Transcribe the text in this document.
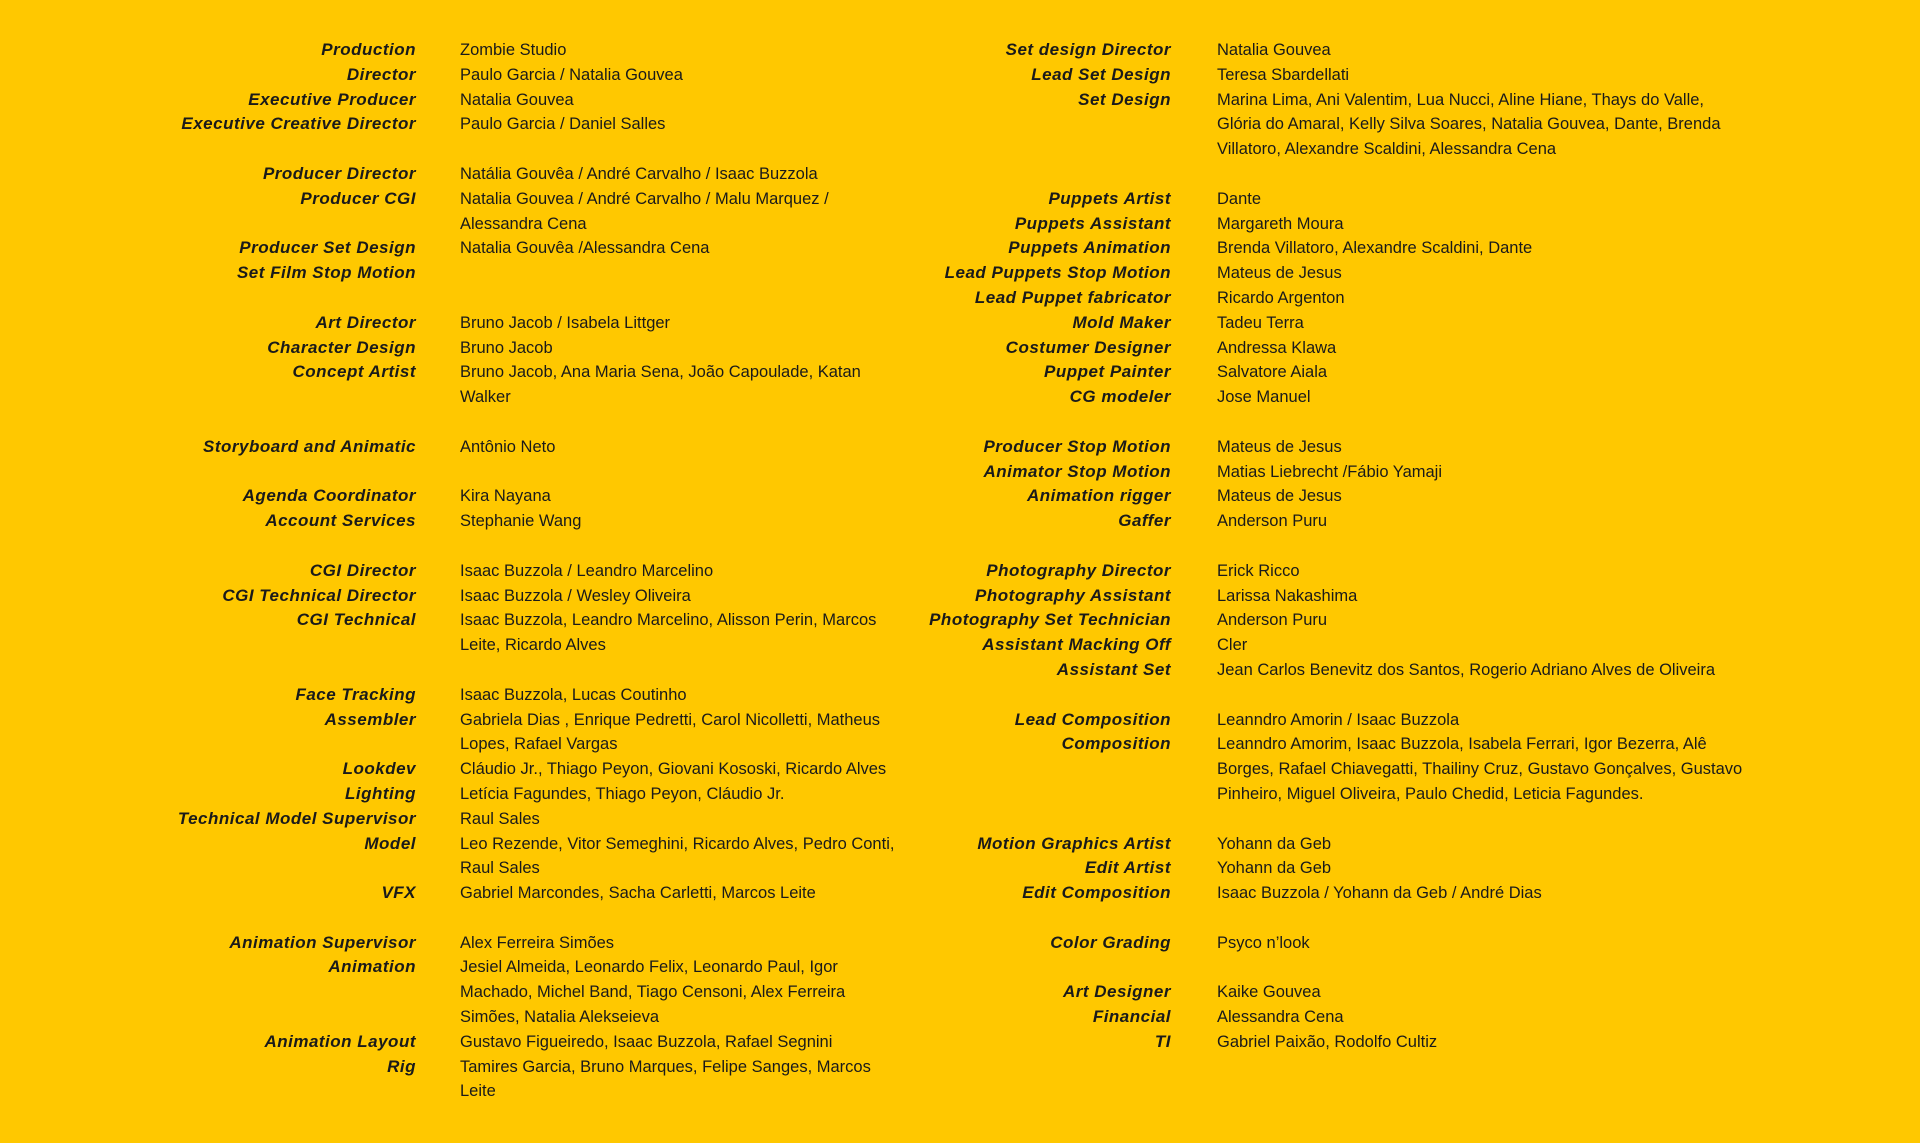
Production	Zombie Studio
Director	Paulo Garcia / Natalia Gouvea
Executive Producer	Natalia Gouvea
Executive Creative Director	Paulo Garcia / Daniel Salles
Producer Director	Natália Gouvêa / André Carvalho / Isaac Buzzola
Producer CGI	Natalia Gouvea / André Carvalho / Malu Marquez / Alessandra Cena
Producer Set Design	Natalia Gouvêa /Alessandra Cena
Set Film Stop Motion
Art Director	Bruno Jacob / Isabela Littger
Character Design	Bruno Jacob
Concept Artist	Bruno Jacob, Ana Maria Sena, João Capoulade, Katan Walker
Storyboard and Animatic	Antônio Neto
Agenda Coordinator	Kira Nayana
Account Services	Stephanie Wang
CGI Director	Isaac Buzzola / Leandro Marcelino
CGI Technical Director	Isaac Buzzola / Wesley Oliveira
CGI Technical	Isaac Buzzola, Leandro Marcelino, Alisson Perin, Marcos Leite, Ricardo Alves
Face Tracking	Isaac Buzzola, Lucas Coutinho
Assembler	Gabriela Dias , Enrique Pedretti, Carol Nicolletti, Matheus Lopes, Rafael Vargas
Lookdev	Cláudio Jr., Thiago Peyon, Giovani Kososki, Ricardo Alves
Lighting	Letícia Fagundes, Thiago Peyon, Cláudio Jr.
Technical Model Supervisor	Raul Sales
Model	Leo Rezende, Vitor Semeghini, Ricardo Alves, Pedro Conti, Raul Sales
VFX	Gabriel Marcondes, Sacha Carletti, Marcos Leite
Animation Supervisor	Alex Ferreira Simões
Animation	Jesiel Almeida, Leonardo Felix, Leonardo Paul, Igor Machado, Michel Band, Tiago Censoni, Alex Ferreira Simões, Natalia Alekseieva
Animation Layout	Gustavo Figueiredo, Isaac Buzzola, Rafael Segnini
Rig	Tamires Garcia, Bruno Marques, Felipe Sanges, Marcos Leite
Set design Director	Natalia Gouvea
Lead Set Design	Teresa Sbardellati
Set Design	Marina Lima, Ani Valentim, Lua Nucci, Aline Hiane, Thays do Valle, Glória do Amaral, Kelly Silva Soares, Natalia Gouvea, Dante, Brenda Villatoro, Alexandre Scaldini, Alessandra Cena
Puppets Artist	Dante
Puppets Assistant	Margareth Moura
Puppets Animation	Brenda Villatoro, Alexandre Scaldini, Dante
Lead Puppets Stop Motion	Mateus de Jesus
Lead Puppet fabricator	Ricardo Argenton
Mold Maker	Tadeu Terra
Costumer Designer	Andressa Klawa
Puppet Painter	Salvatore Aiala
CG modeler	Jose Manuel
Producer Stop Motion	Mateus de Jesus
Animator Stop Motion	Matias Liebrecht /Fábio Yamaji
Animation rigger	Mateus de Jesus
Gaffer	Anderson Puru
Photography Director	Erick Ricco
Photography Assistant	Larissa Nakashima
Photography Set Technician	Anderson Puru
Assistant Macking Off	Cler
Assistant Set	Jean Carlos Benevitz dos Santos, Rogerio Adriano Alves de Oliveira
Lead Composition	Leanndro Amorin / Isaac Buzzola
Composition	Leanndro Amorim, Isaac Buzzola, Isabela Ferrari, Igor Bezerra, Alê Borges, Rafael Chiavegatti, Thailiny Cruz, Gustavo Gonçalves, Gustavo Pinheiro, Miguel Oliveira, Paulo Chedid, Leticia Fagundes.
Motion Graphics Artist	Yohann da Geb
Edit Artist	Yohann da Geb
Edit Composition	Isaac Buzzola / Yohann da Geb / André Dias
Color Grading	Psyco n’look
Art Designer	Kaike Gouvea
Financial	Alessandra Cena
TI	Gabriel Paixão, Rodolfo Cultiz
